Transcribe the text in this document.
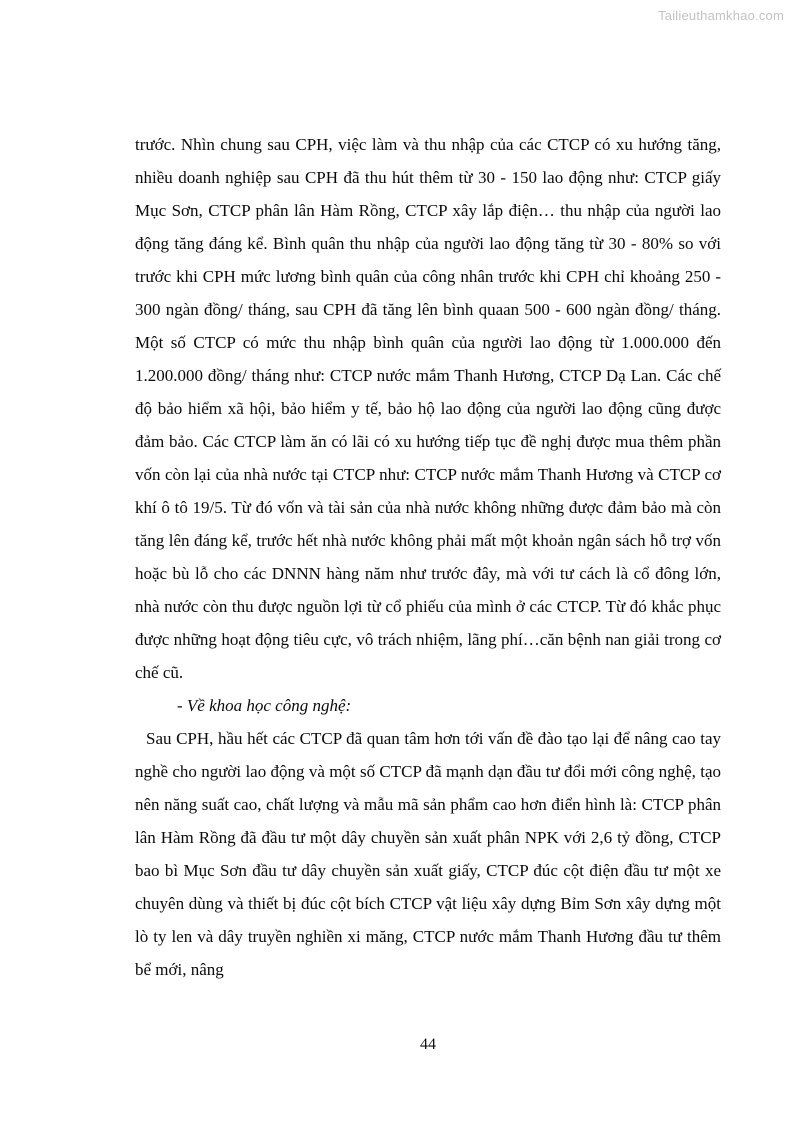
Tailieuthamkhao.com

trước. Nhìn chung sau CPH, việc làm và thu nhập của các CTCP có xu hướng tăng, nhiều doanh nghiệp sau CPH đã thu hút thêm từ 30 - 150 lao động như: CTCP giấy Mục Sơn, CTCP phân lân Hàm Rồng, CTCP xây lắp điện… thu nhập của người lao động tăng đáng kể. Bình quân thu nhập của người lao động tăng từ 30 - 80% so với trước khi CPH mức lương bình quân của công nhân trước khi CPH chỉ khoảng 250 - 300 ngàn đồng/ tháng, sau CPH đã tăng lên bình quaan 500 - 600 ngàn đồng/ tháng. Một số CTCP có mức thu nhập bình quân của người lao động từ 1.000.000 đến 1.200.000 đồng/ tháng như: CTCP nước mắm Thanh Hương, CTCP Dạ Lan. Các chế độ bảo hiểm xã hội, bảo hiểm y tế, bảo hộ lao động của người lao động cũng được đảm bảo. Các CTCP làm ăn có lãi có xu hướng tiếp tục đề nghị được mua thêm phần vốn còn lại của nhà nước tại CTCP như: CTCP nước mắm Thanh Hương và CTCP cơ khí ô tô 19/5. Từ đó vốn và tài sản của nhà nước không những được đảm bảo mà còn tăng lên đáng kể, trước hết nhà nước không phải mất một khoản ngân sách hỗ trợ vốn hoặc bù lỗ cho các DNNN hàng năm như trước đây, mà với tư cách là cổ đông lớn, nhà nước còn thu được nguồn lợi từ cổ phiếu của mình ở các CTCP. Từ đó khắc phục được những hoạt động tiêu cực, vô trách nhiệm, lãng phí…căn bệnh nan giải trong cơ chế cũ.

- Về khoa học công nghệ:

Sau CPH, hầu hết các CTCP đã quan tâm hơn tới vấn đề đào tạo lại để nâng cao tay nghề cho người lao động và một số CTCP đã mạnh dạn đầu tư đổi mới công nghệ, tạo nên năng suất cao, chất lượng và mẫu mã sản phẩm cao hơn điển hình là: CTCP phân lân Hàm Rồng đã đầu tư một dây chuyền sản xuất phân NPK với 2,6 tỷ đồng, CTCP bao bì Mục Sơn đầu tư dây chuyền sản xuất giấy, CTCP đúc cột điện đầu tư một xe chuyên dùng và thiết bị đúc cột bích CTCP vật liệu xây dựng Bỉm Sơn xây dựng một lò ty len và dây truyền nghiền xi măng, CTCP nước mắm Thanh Hương đầu tư thêm bể mới, nâng

44
